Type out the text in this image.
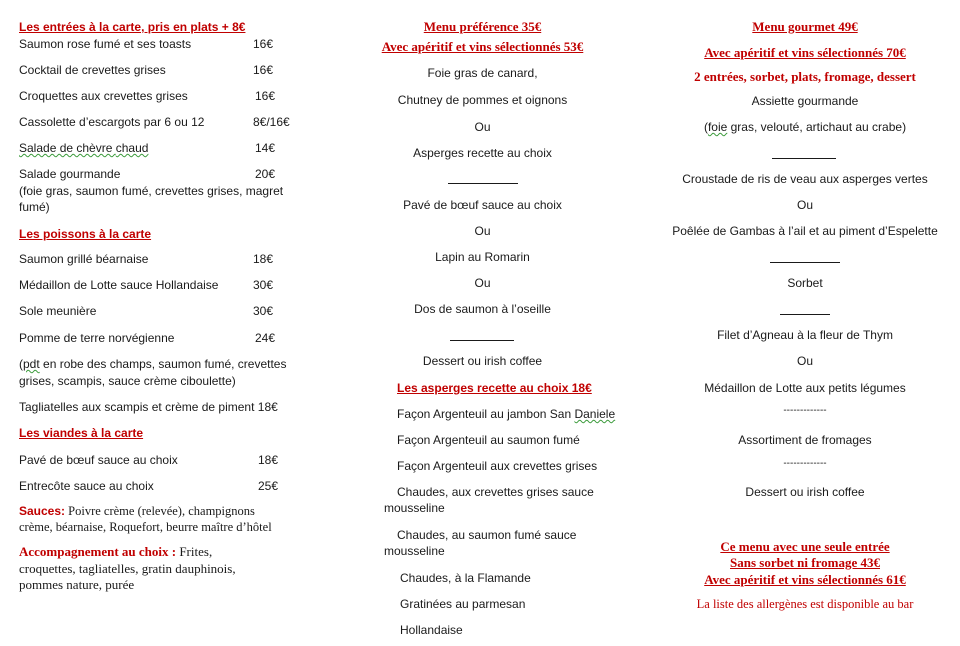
Les entrées à la carte, pris en plats + 8€
Saumon rose fumé et ses toasts	16€
Cocktail de crevettes grises	16€
Croquettes aux crevettes grises	16€
Cassolette d’escargots par 6 ou 12	8€/16€
Salade de chèvre chaud	14€
Salade gourmande	20€
(foie gras, saumon fumé, crevettes grises, magret
fumé)
Les poissons à la carte
Saumon grillé béarnaise	18€
Médaillon de Lotte sauce Hollandaise	30€
Sole meunière	30€
Pomme de terre norvégienne	24€
(pdt en robe des champs, saumon fumé, crevettes
grises, scampis, sauce crème ciboulette)
Tagliatelles aux scampis et crème de piment 18€
Les viandes à la carte
Pavé de bœuf sauce au choix	18€
Entrecôte sauce au choix	25€
Sauces: Poivre crème (relevée), champignons
crème, béarnaise, Roquefort, beurre maître d’hôtel
Accompagnement au choix : Frites,
croquettes, tagliatelles, gratin dauphinois,
pommes nature, purée
Menu préférence 35€
Avec apéritif et vins sélectionnés 53€
Foie gras de canard,
Chutney de pommes et oignons
Ou
Asperges recette au choix
Pavé de bœuf sauce au choix
Ou
Lapin au Romarin
Ou
Dos de saumon à l’oseille
Dessert ou irish coffee
Les asperges recette au choix 18€
Façon Argenteuil au jambon San Daniele
Façon Argenteuil au saumon fumé
Façon Argenteuil aux crevettes grises
Chaudes, aux crevettes grises sauce
mousseline
Chaudes, au saumon fumé sauce
mousseline
Chaudes, à la Flamande
Gratinées au parmesan
Hollandaise
Menu gourmet 49€
Avec apéritif et vins sélectionnés 70€
2 entrées, sorbet, plats, fromage, dessert
Assiette gourmande
(foie gras, velouté, artichaut au crabe)
Croustade de ris de veau aux asperges vertes
Ou
Poêlée de Gambas à l’ail et au piment d’Espelette
Sorbet
Filet d’Agneau à la fleur de Thym
Ou
Médaillon de Lotte aux petits légumes
-------------
Assortiment de fromages
-------------
Dessert ou irish coffee
Ce menu avec une seule entrée
Sans sorbet ni fromage 43€
Avec apéritif et vins sélectionnés 61€
La liste des allergènes est disponible au bar
